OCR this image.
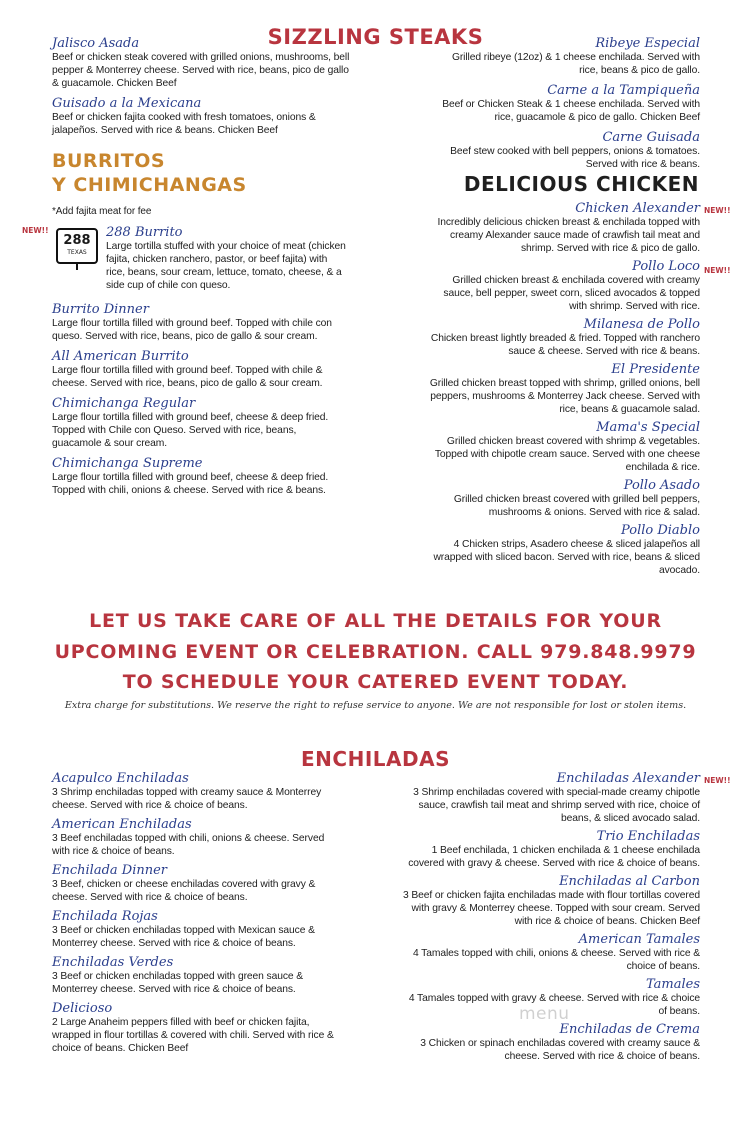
SIZZLING STEAKS
Jalisco Asada
Beef or chicken steak covered with grilled onions, mushrooms, bell pepper & Monterrey cheese. Served with rice, beans, pico de gallo & guacamole. Chicken Beef
Guisado a la Mexicana
Beef or chicken fajita cooked with fresh tomatoes, onions & jalapeños. Served with rice & beans. Chicken Beef
Ribeye Especial
Grilled ribeye (12oz) & 1 cheese enchilada. Served with rice, beans & pico de gallo.
Carne a la Tampiqueña
Beef or Chicken Steak & 1 cheese enchilada. Served with rice, guacamole & pico de gallo. Chicken Beef
Carne Guisada
Beef stew cooked with bell peppers, onions & tomatoes. Served with rice & beans.
BURRITOS
Y CHIMICHANGAS
*Add fajita meat for fee
NEW!!
288
TEXAS
288 Burrito
Large tortilla stuffed with your choice of meat (chicken fajita, chicken ranchero, pastor, or beef fajita) with rice, beans, sour cream, lettuce, tomato, cheese, & a side cup of chile con queso.
Burrito Dinner
Large flour tortilla filled with ground beef. Topped with chile con queso. Served with rice, beans, pico de gallo & sour cream.
All American Burrito
Large flour tortilla filled with ground beef. Topped with chile & cheese. Served with rice, beans, pico de gallo & sour cream.
Chimichanga Regular
Large flour tortilla filled with ground beef, cheese & deep fried. Topped with Chile con Queso. Served with rice, beans, guacamole & sour cream.
Chimichanga Supreme
Large flour tortilla filled with ground beef, cheese & deep fried. Topped with chili, onions & cheese. Served with rice & beans.
DELICIOUS CHICKEN
NEW!!
NEW!!
Chicken Alexander
Incredibly delicious chicken breast & enchilada topped with creamy Alexander sauce made of crawfish tail meat and shrimp. Served with rice & pico de gallo.
Pollo Loco
Grilled chicken breast & enchilada covered with creamy sauce, bell pepper, sweet corn, sliced avocados & topped with shrimp. Served with rice.
Milanesa de Pollo
Chicken breast lightly breaded & fried. Topped with ranchero sauce & cheese. Served with rice & beans.
El Presidente
Grilled chicken breast topped with shrimp, grilled onions, bell peppers, mushrooms & Monterrey Jack cheese. Served with rice, beans & guacamole salad.
Mama's Special
Grilled chicken breast covered with shrimp & vegetables. Topped with chipotle cream sauce. Served with one cheese enchilada & rice.
Pollo Asado
Grilled chicken breast covered with grilled bell peppers, mushrooms & onions. Served with rice & salad.
Pollo Diablo
4 Chicken strips, Asadero cheese & sliced jalapeños all wrapped with sliced bacon. Served with rice, beans & sliced avocado.
LET US TAKE CARE OF ALL THE DETAILS FOR YOUR
UPCOMING EVENT OR CELEBRATION. CALL 979.848.9979
TO SCHEDULE YOUR CATERED EVENT TODAY.
Extra charge for substitutions. We reserve the right to refuse service to anyone. We are not responsible for lost or stolen items.
ENCHILADAS
Acapulco Enchiladas
3 Shrimp enchiladas topped with creamy sauce & Monterrey cheese. Served with rice & choice of beans.
American Enchiladas
3 Beef enchiladas topped with chili, onions & cheese. Served with rice & choice of beans.
Enchilada Dinner
3 Beef, chicken or cheese enchiladas covered with gravy & cheese. Served with rice & choice of beans.
Enchilada Rojas
3 Beef or chicken enchiladas topped with Mexican sauce & Monterrey cheese. Served with rice & choice of beans.
Enchiladas Verdes
3 Beef or chicken enchiladas topped with green sauce & Monterrey cheese. Served with rice & choice of beans.
Delicioso
2 Large Anaheim peppers filled with beef or chicken fajita, wrapped in flour tortillas & covered with chili. Served with rice & choice of beans. Chicken Beef
NEW!!
Enchiladas Alexander
3 Shrimp enchiladas covered with special-made creamy chipotle sauce, crawfish tail meat and shrimp served with rice, choice of beans, & sliced avocado salad.
Trio Enchiladas
1 Beef enchilada, 1 chicken enchilada & 1 cheese enchilada covered with gravy & cheese. Served with rice & choice of beans.
Enchiladas al Carbon
3 Beef or chicken fajita enchiladas made with flour tortillas covered with gravy & Monterrey cheese. Topped with sour cream. Served with rice & choice of beans. Chicken Beef
American Tamales
4 Tamales topped with chili, onions & cheese. Served with rice & choice of beans.
Tamales
4 Tamales topped with gravy & cheese. Served with rice & choice of beans.
Enchiladas de Crema
3 Chicken or spinach enchiladas covered with creamy sauce & cheese. Served with rice & choice of beans.
menu
